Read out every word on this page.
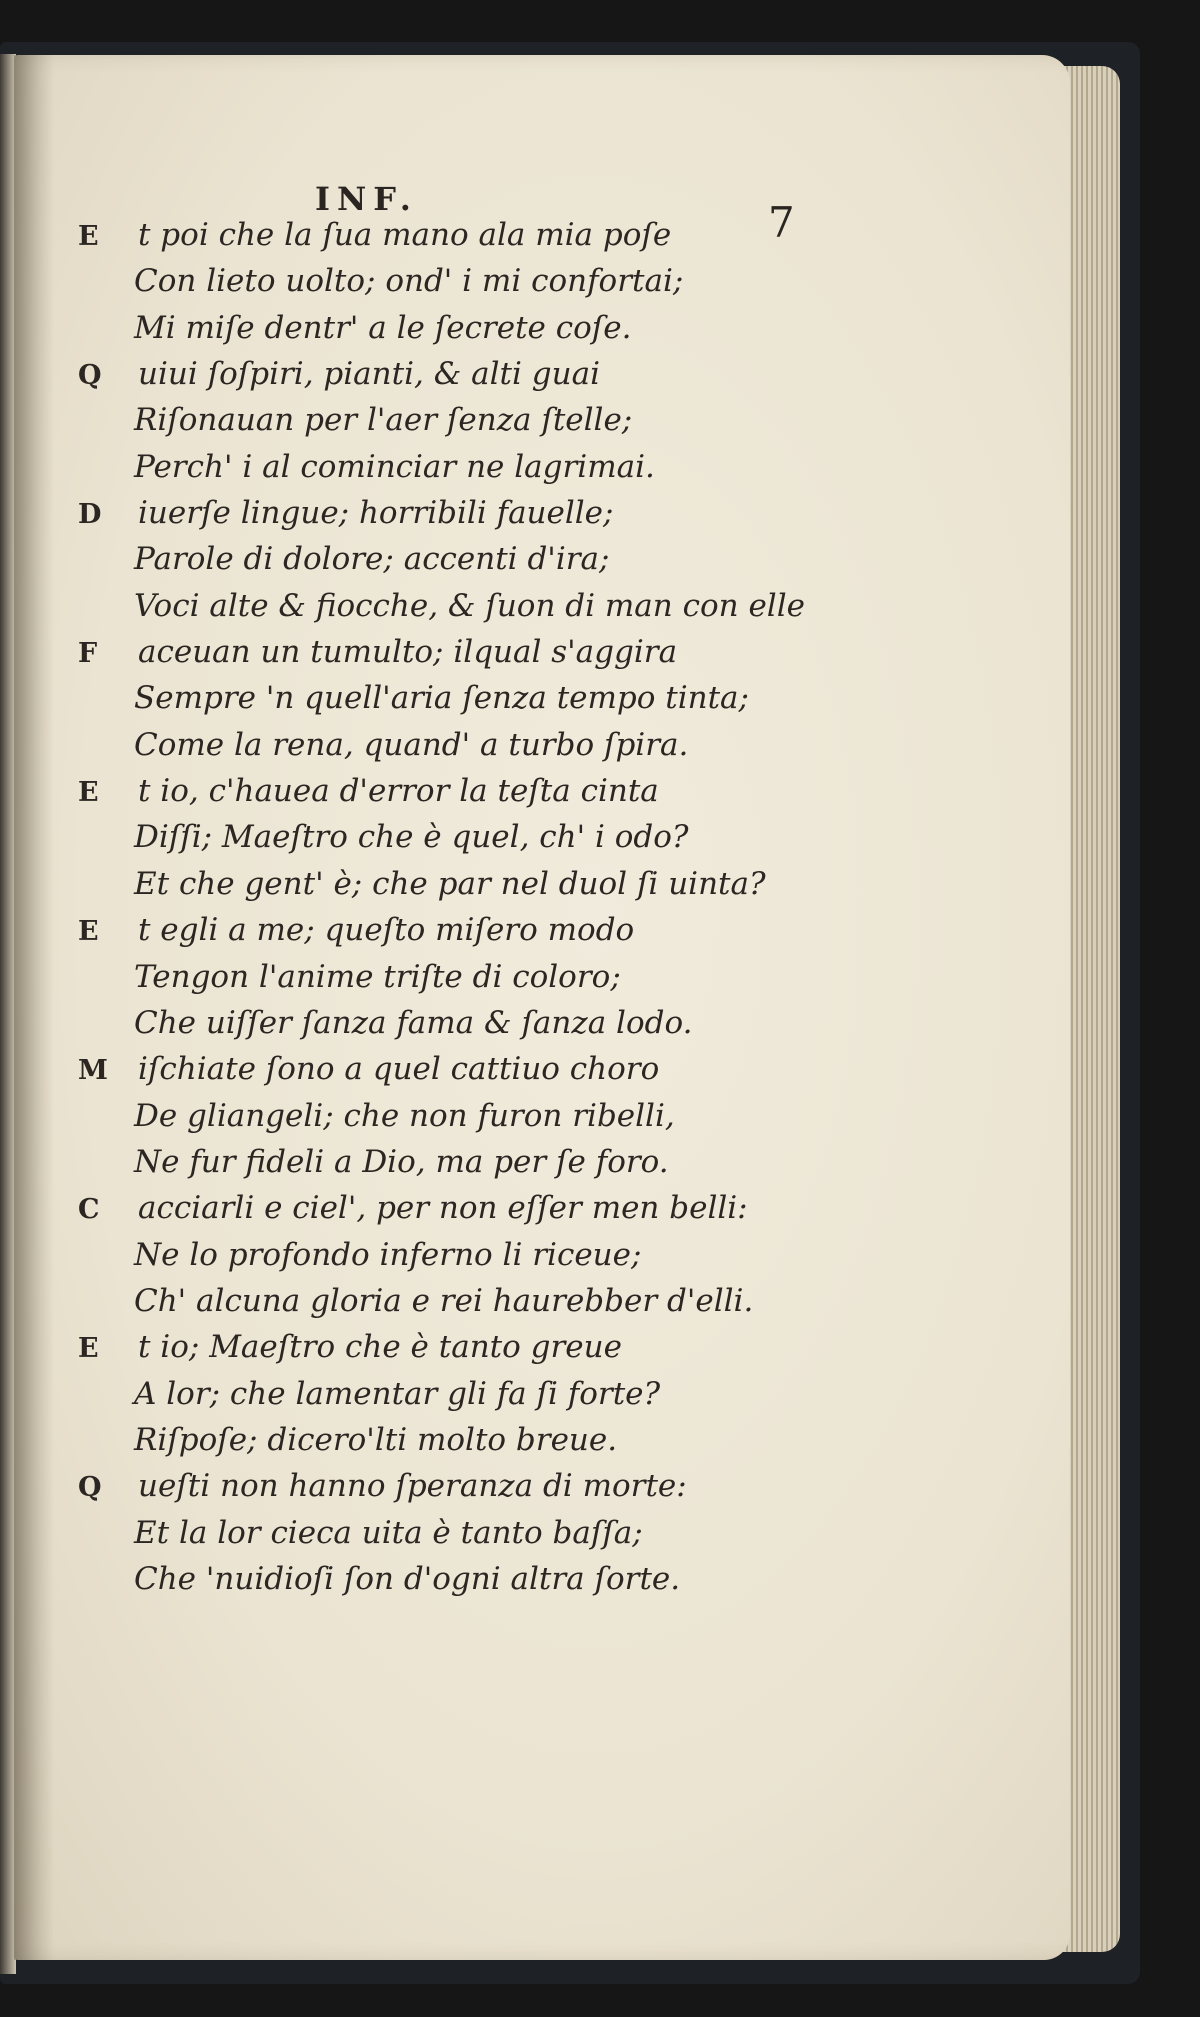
INF.	7
E t poi che la ſua mano ala mia poſe
Con lieto uolto; ond' i mi confortai;
Mi miſe dentr' a le ſecrete coſe.
Q uiui ſoſpiri, pianti, & alti guai
Riſonauan per l'aer ſenza ſtelle;
Perch' i al cominciar ne lagrimai.
D iuerſe lingue; horribili fauelle;
Parole di dolore; accenti d'ira;
Voci alte & fiocche, & ſuon di man con elle
F aceuan un tumulto; ilqual s'aggira
Sempre 'n quell'aria ſenza tempo tinta;
Come la rena, quand' a turbo ſpira.
E t io, c'hauea d'error la teſta cinta
Diſſi; Maeſtro che è quel, ch' i odo?
Et che gent' è; che par nel duol ſi uinta?
E t egli a me; queſto miſero modo
Tengon l'anime triſte di coloro;
Che uiſſer ſanza fama & ſanza lodo.
M iſchiate ſono a quel cattiuo choro
De gliangeli; che non furon ribelli,
Ne fur fideli a Dio, ma per ſe foro.
C acciarli e ciel', per non eſſer men belli:
Ne lo profondo inferno li riceue;
Ch' alcuna gloria e rei haurebber d'elli.
E t io; Maeſtro che è tanto greue
A lor; che lamentar gli fa ſi forte?
Riſpoſe; dicero'lti molto breue.
Q ueſti non hanno ſperanza di morte:
Et la lor cieca uita è tanto baſſa;
Che 'nuidioſi ſon d'ogni altra ſorte.
